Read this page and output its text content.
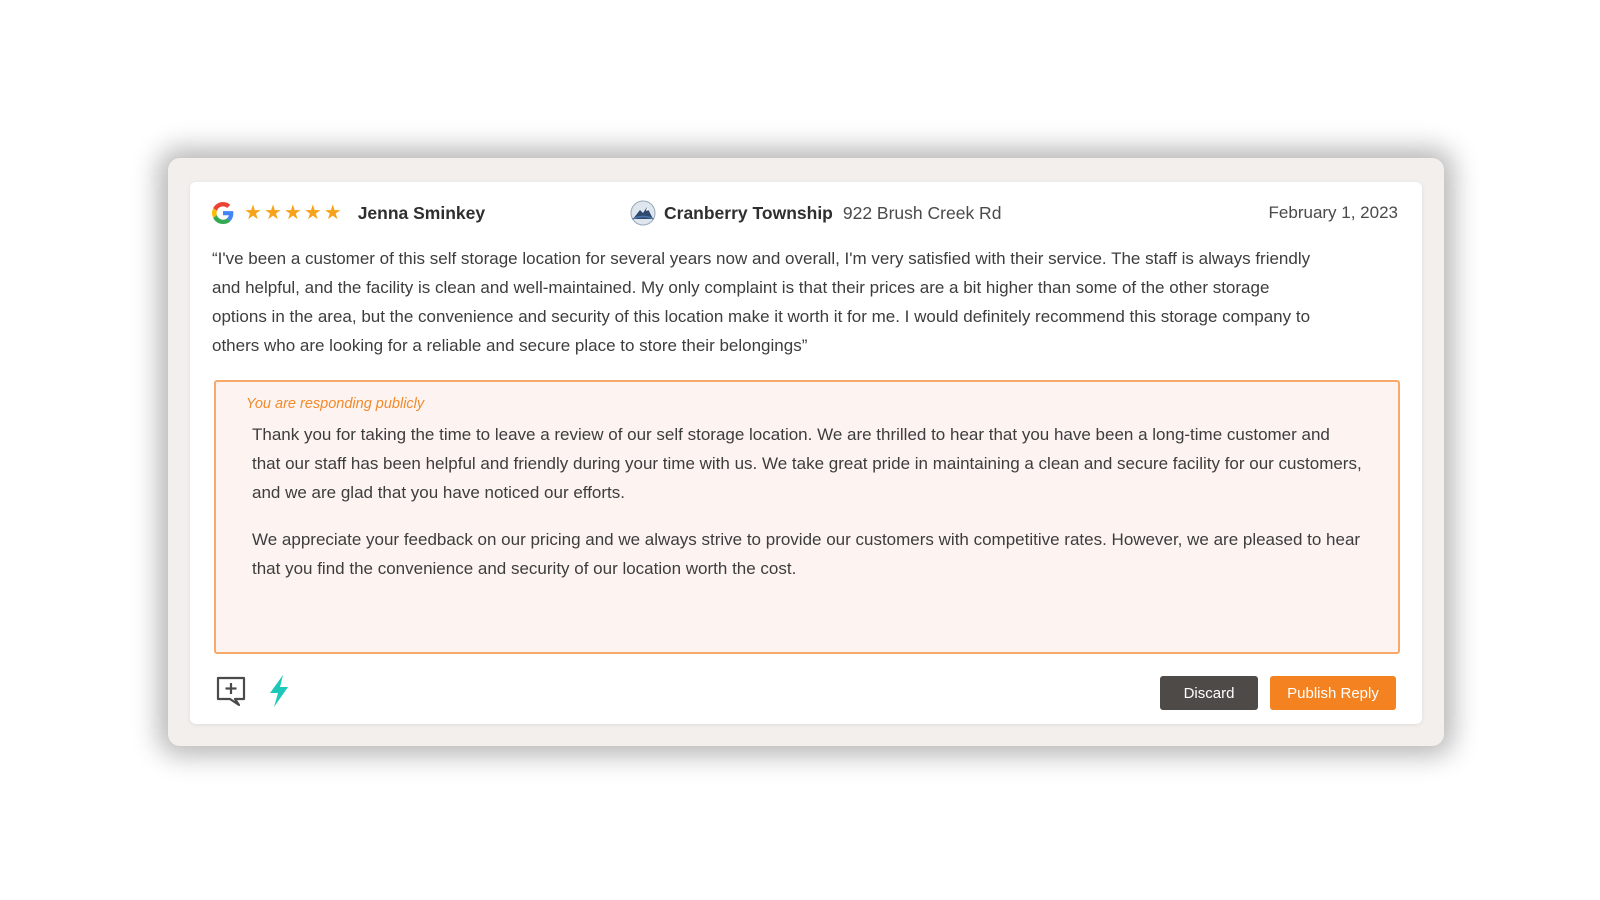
★ ★ ★ ★ ★ Jenna Sminkey	Cranberry Township 922 Brush Creek Rd	February 1, 2023

“I've been a customer of this self storage location for several years now and overall, I'm very satisfied with their service. The staff is always friendly and helpful, and the facility is clean and well-maintained. My only complaint is that their prices are a bit higher than some of the other storage options in the area, but the convenience and security of this location make it worth it for me. I would definitely recommend this storage company to others who are looking for a reliable and secure place to store their belongings”

You are responding publicly

Thank you for taking the time to leave a review of our self storage location. We are thrilled to hear that you have been a long-time customer and that our staff has been helpful and friendly during your time with us. We take great pride in maintaining a clean and secure facility for our customers, and we are glad that you have noticed our efforts.

We appreciate your feedback on our pricing and we always strive to provide our customers with competitive rates. However, we are pleased to hear that you find the convenience and security of our location worth the cost.

Discard	Publish Reply
